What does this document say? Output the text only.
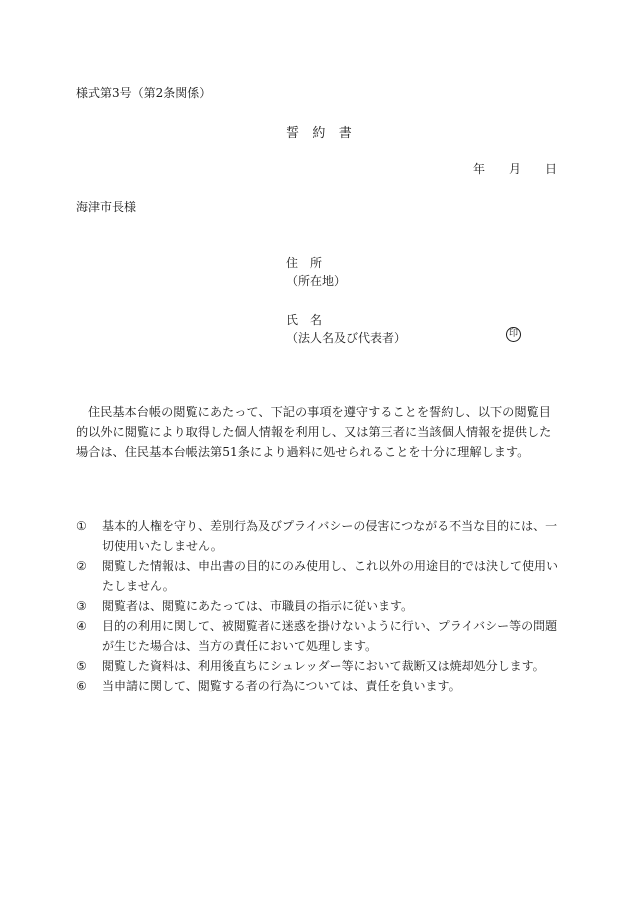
様式第3号（第2条関係）
誓　約　書
年 月 日
海津市長様
住　所
（所在地）
氏　名
（法人名及び代表者）	印
住民基本台帳の閲覧にあたって、下記の事項を遵守することを誓約し、以下の閲覧目的以外に閲覧により取得した個人情報を利用し、又は第三者に当該個人情報を提供した場合は、住民基本台帳法第51条により過料に処せられることを十分に理解します。
①	基本的人権を守り、差別行為及びプライバシーの侵害につながる不当な目的には、一切使用いたしません。
②	閲覧した情報は、申出書の目的にのみ使用し、これ以外の用途目的では決して使用いたしません。
③	閲覧者は、閲覧にあたっては、市職員の指示に従います。
④	目的の利用に関して、被閲覧者に迷惑を掛けないように行い、プライバシー等の問題が生じた場合は、当方の責任において処理します。
⑤	閲覧した資料は、利用後直ちにシュレッダー等において裁断又は焼却処分します。
⑥	当申請に関して、閲覧する者の行為については、責任を負います。
